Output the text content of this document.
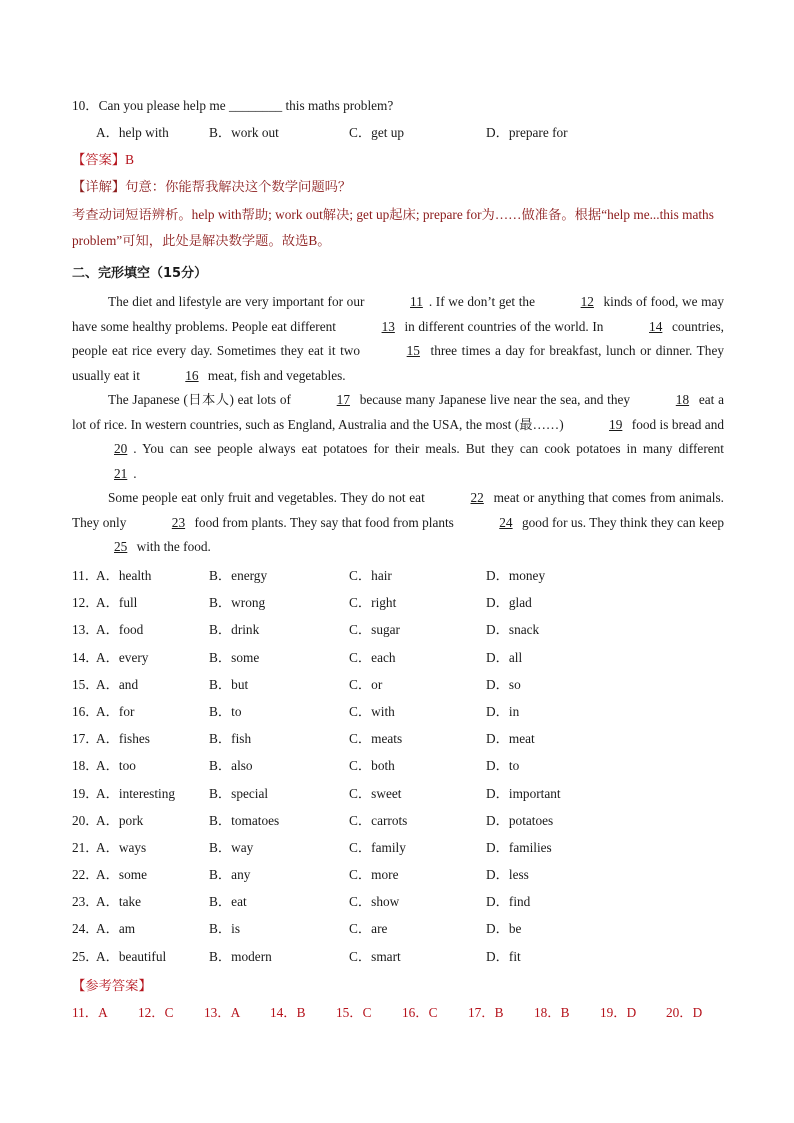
10．Can you please help me ________ this maths problem?
A．help with	B．work out	C．get up	D．prepare for
【答案】B
【详解】句意：你能帮我解决这个数学问题吗？
考查动词短语辨析。help with帮助; work out解决; get up起床; prepare for为……做准备。根据“help me...this maths problem”可知，此处是解决数学题。故选B。
二、完形填空（15分）

The diet and lifestyle are very important for our	11 . If we don’t get the	12 kinds of food, we may have some healthy problems. People eat different	13 in different countries of the world. In	14 countries, people eat rice every day. Sometimes they eat it two	15 three times a day for breakfast, lunch or dinner. They usually eat it	16 meat, fish and vegetables.

The Japanese (日本人) eat lots of	17 because many Japanese live near the sea, and they	18 eat a lot of rice. In western countries, such as England, Australia and the USA, the most (最……)	19 food is bread and 20 . You can see people always eat potatoes for their meals. But they can cook potatoes in many different 21 .

Some people eat only fruit and vegetables. They do not eat	22 meat or anything that comes from animals. They only	23 food from plants. They say that food from plants	24 good for us. They think they can keep 25 with the food.

11．
A．health	B．energy	C．hair	D．money
12．
A．full	B．wrong	C．right	D．glad
13．
A．food	B．drink	C．sugar	D．snack
14．
A．every	B．some	C．each	D．all
15．
A．and	B．but	C．or	D．so
16．
A．for	B．to	C．with	D．in
17．
A．fishes	B．fish	C．meats	D．meat
18．
A．too	B．also	C．both	D．to
19．
A．interesting	B．special	C．sweet	D．important
20．
A．pork	B．tomatoes	C．carrots	D．potatoes
21．
A．ways	B．way	C．family	D．families
22．
A．some	B．any	C．more	D．less
23．
A．take	B．eat	C．show	D．find
24．
A．am	B．is	C．are	D．be
25．
A．beautiful	B．modern	C．smart	D．fit
【参考答案】
11．A 12．C 13．A 14．B 15．C 16．C 17．B 18．B 19．D 20．D
